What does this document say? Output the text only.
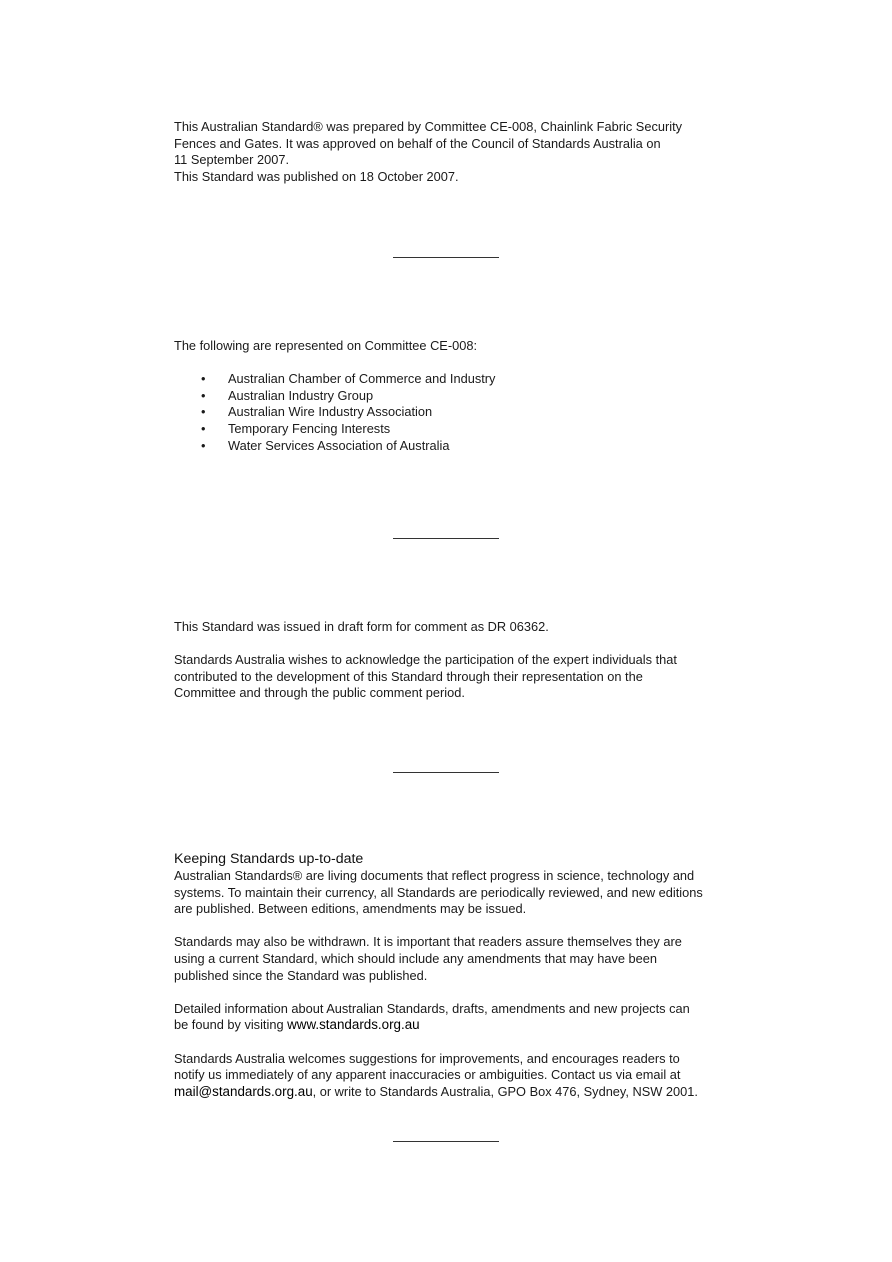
This Australian Standard® was prepared by Committee CE-008, Chainlink Fabric Security
Fences and Gates. It was approved on behalf of the Council of Standards Australia on
11 September 2007.
This Standard was published on 18 October 2007.
The following are represented on Committee CE-008:
• Australian Chamber of Commerce and Industry
• Australian Industry Group
• Australian Wire Industry Association
• Temporary Fencing Interests
• Water Services Association of Australia
This Standard was issued in draft form for comment as DR 06362.
Standards Australia wishes to acknowledge the participation of the expert individuals that
contributed to the development of this Standard through their representation on the
Committee and through the public comment period.
Keeping Standards up-to-date
Australian Standards® are living documents that reflect progress in science, technology and
systems. To maintain their currency, all Standards are periodically reviewed, and new editions
are published. Between editions, amendments may be issued.
Standards may also be withdrawn. It is important that readers assure themselves they are
using a current Standard, which should include any amendments that may have been
published since the Standard was published.
Detailed information about Australian Standards, drafts, amendments and new projects can
be found by visiting www.standards.org.au
Standards Australia welcomes suggestions for improvements, and encourages readers to
notify us immediately of any apparent inaccuracies or ambiguities. Contact us via email at
mail@standards.org.au, or write to Standards Australia, GPO Box 476, Sydney, NSW 2001.
